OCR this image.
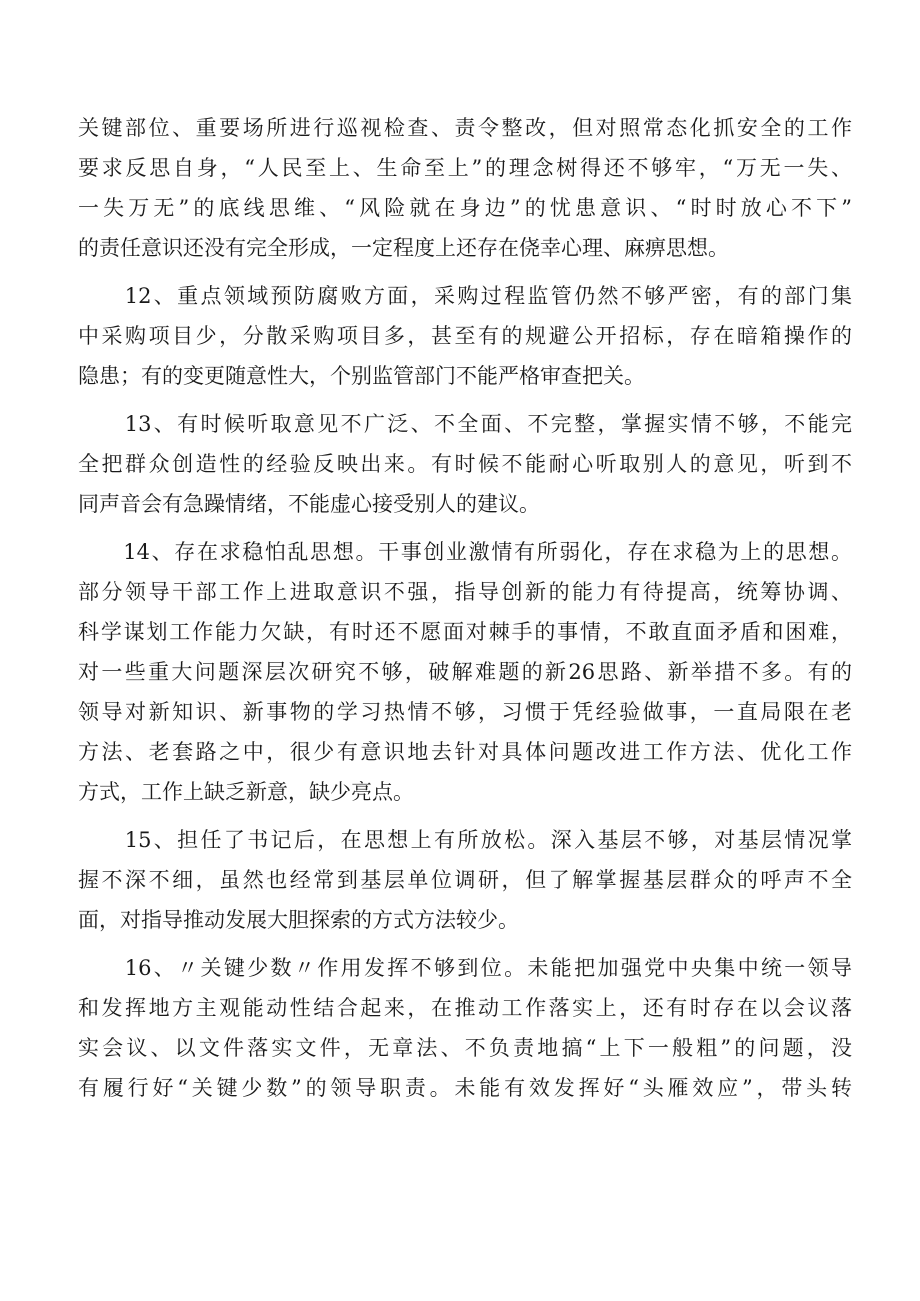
关键部位、重要场所进行巡视检查、责令整改，但对照常态化抓安全的工作
要求反思自身，“人民至上、生命至上”的理念树得还不够牢，“万无一失、
一失万无”的底线思维、“风险就在身边”的忧患意识、“时时放心不下”
的责任意识还没有完全形成，一定程度上还存在侥幸心理、麻痹思想。
　　12、重点领域预防腐败方面，采购过程监管仍然不够严密，有的部门集
中采购项目少，分散采购项目多，甚至有的规避公开招标，存在暗箱操作的
隐患；有的变更随意性大，个别监管部门不能严格审查把关。
　　13、有时候听取意见不广泛、不全面、不完整，掌握实情不够，不能完
全把群众创造性的经验反映出来。有时候不能耐心听取别人的意见，听到不
同声音会有急躁情绪，不能虚心接受别人的建议。
　　14、存在求稳怕乱思想。干事创业激情有所弱化，存在求稳为上的思想。
部分领导干部工作上进取意识不强，指导创新的能力有待提高，统筹协调、
科学谋划工作能力欠缺，有时还不愿面对棘手的事情，不敢直面矛盾和困难，
对一些重大问题深层次研究不够，破解难题的新26思路、新举措不多。有的
领导对新知识、新事物的学习热情不够，习惯于凭经验做事，一直局限在老
方法、老套路之中，很少有意识地去针对具体问题改进工作方法、优化工作
方式，工作上缺乏新意，缺少亮点。
　　15、担任了书记后，在思想上有所放松。深入基层不够，对基层情况掌
握不深不细，虽然也经常到基层单位调研，但了解掌握基层群众的呼声不全
面，对指导推动发展大胆探索的方式方法较少。
　　16、〃关键少数〃作用发挥不够到位。未能把加强党中央集中统一领导
和发挥地方主观能动性结合起来，在推动工作落实上，还有时存在以会议落
实会议、以文件落实文件，无章法、不负责地搞“上下一般粗”的问题，没
有履行好“关键少数”的领导职责。未能有效发挥好“头雁效应”，带头转
